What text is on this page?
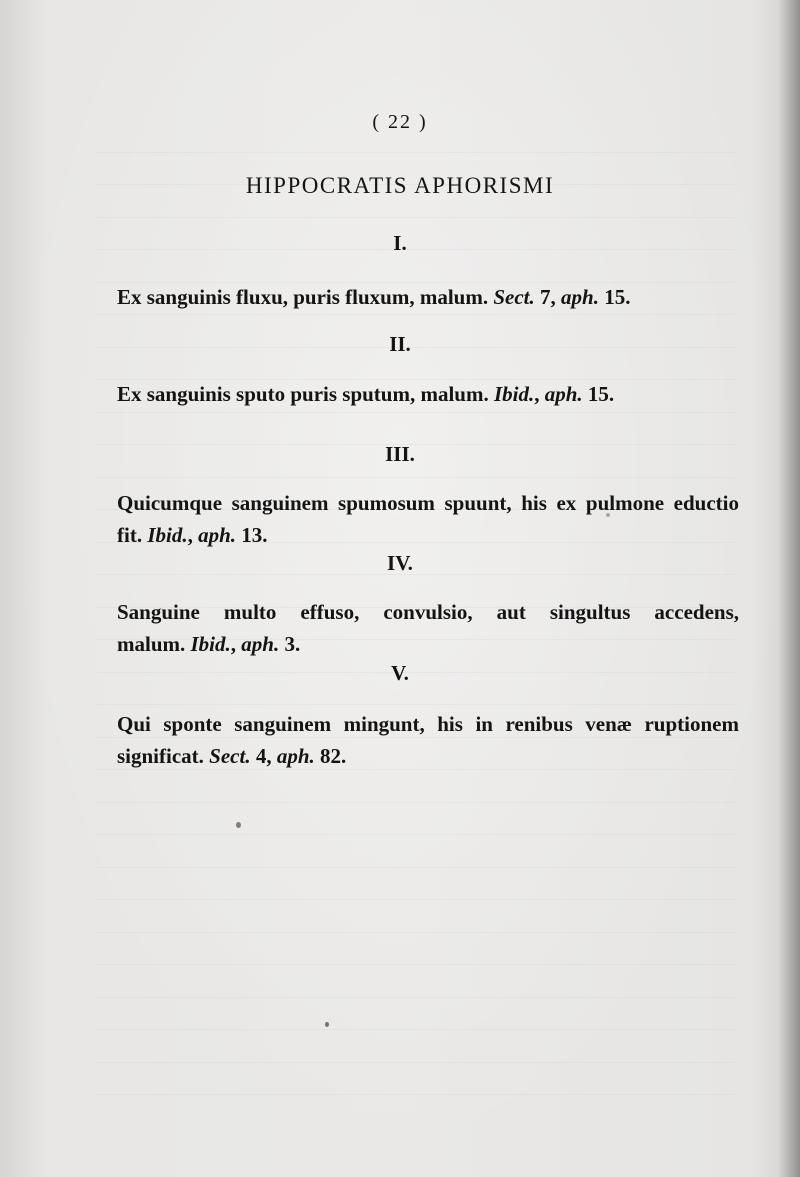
( 22 )
HIPPOCRATIS APHORISMI
I.
Ex sanguinis fluxu, puris fluxum, malum. Sect. 7, aph. 15.
II.
Ex sanguinis sputo puris sputum, malum. Ibid., aph. 15.
III.
Quicumque sanguinem spumosum spuunt, his ex pulmone eductio
fit. Ibid., aph. 13.
IV.
Sanguine multo effuso, convulsio, aut singultus accedens,
malum. Ibid., aph. 3.
V.
Qui sponte sanguinem mingunt, his in renibus venæ ruptionem
significat. Sect. 4, aph. 82.
